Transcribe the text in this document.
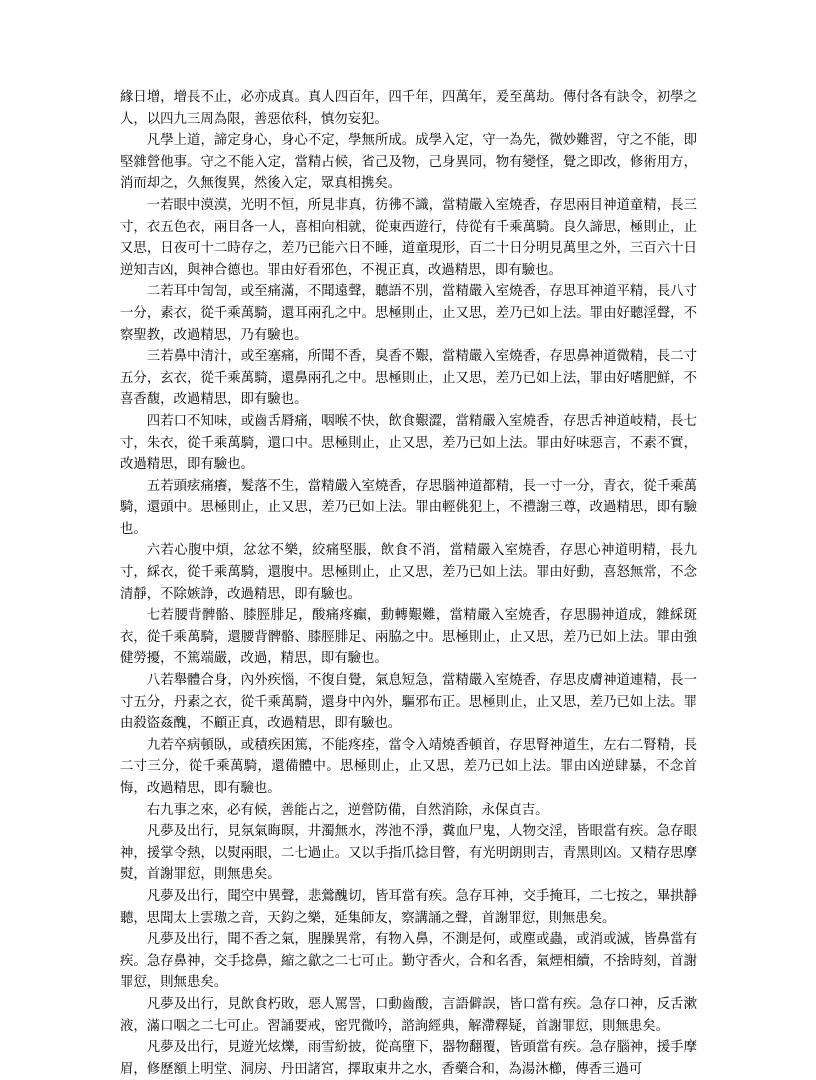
緣日增，增長不止，必亦成真。真人四百年，四千年，四萬年，爰至萬劫。傳付各有訣令，初學之人，以四九三周為限，善惡依科，慎勿妄犯。

凡學上道，諦定身心，身心不定，學無所成。成學入定，守一為先，微妙難習，守之不能，即堅雜營他事。守之不能入定，當精占候，省己及物，己身異同，物有變怪，覺之即改，修術用方，消而却之，久無復異，然後入定，眾真相携矣。

一若眼中漠漠，光明不恒，所見非真，彷彿不識，當精嚴入室燒香，存思兩目神道童精，長三寸，衣五色衣，兩目各一人，喜相向相就，從東西遊行，侍從有千乘萬騎。良久諦思，極則止，止又思，日夜可十二時存之，差乃已能六日不睡，道童現形，百二十日分明見萬里之外，三百六十日逆知吉凶，與神合德也。罪由好看邪色，不視正真，改過精思，即有驗也。

二若耳中訇訇，或至痛滿，不聞遠聲，聽語不別，當精嚴入室燒香，存思耳神道平精，長八寸一分，素衣，從千乘萬騎，還耳兩孔之中。思極則止，止又思，差乃已如上法。罪由好聽淫聲，不察聖教，改過精思，乃有驗也。

三若鼻中清汁，或至塞痛，所聞不香，臭香不艱，當精嚴入室燒香，存思鼻神道微精，長二寸五分，玄衣，從千乘萬騎，還鼻兩孔之中。思極則止，止又思，差乃已如上法，罪由好嗜肥鮮，不喜香馥，改過精思，即有驗也。

四若口不知味，或齒舌脣痛，咽喉不快，飲食艱澀，當精嚴入室燒香，存思舌神道岐精，長七寸，朱衣，從千乘萬騎，還口中。思極則止，止又思，差乃已如上法。罪由好味惡言，不素不實，改過精思，即有驗也。

五若頭痃痛癢，髮落不生，當精嚴入室燒香，存思腦神道都精，長一寸一分，青衣，從千乘萬騎，還頭中。思極則止，止又思，差乃已如上法。罪由輕佻犯上，不禮謝三尊，改過精思，即有驗也。

六若心腹中煩，忿忿不樂，絞痛堅脹，飲食不消，當精嚴入室燒香，存思心神道明精，長九寸，綵衣，從千乘萬騎，還腹中。思極則止，止又思，差乃已如上法。罪由好動，喜怒無常，不念清靜，不除嫉諍，改過精思，即有驗也。

七若腰背髀骼、膝脛腓足，酸痛疼癲，動轉艱難，當精嚴入室燒香，存思腸神道成，雜綵斑衣，從千乘萬騎，還腰背髀骼、膝脛腓足、兩脇之中。思極則止，止又思，差乃已如上法。罪由強健勞擾，不篤端嚴，改過，精思，即有驗也。

八若舉體合身，內外疾惱，不復自覺，氣息短急，當精嚴入室燒香，存思皮膚神道連精，長一寸五分，丹素之衣，從千乘萬騎，還身中內外，驅邪布正。思極則止，止又思，差乃已如上法。罪由殺盜姦醜，不顧正真，改過精思，即有驗也。

九若卒病頓臥，或積疾困篤，不能疼痊，當令入靖燒香頓首，存思腎神道生，左右二腎精，長二寸三分，從千乘萬騎，還備體中。思極則止，止又思，差乃已如上法。罪由凶逆肆暴，不念首悔，改過精思，即有驗也。

右九事之來，必有候，善能占之，逆營防備，自然消除，永保貞吉。

凡夢及出行，見氛氣晦暝，井濁無水，涔池不淨，糞血尸鬼，人物交淫，皆眼當有疾。急存眼神，援掌令熱，以熨兩眼，二七過止。又以手指爪捻目瞥，有光明朗則吉，青黑則凶。又精存思摩熨，首謝罪愆，則無患矣。

凡夢及出行，聞空中異聲，悲鶯醜切，皆耳當有疾。急存耳神，交手掩耳，二七按之，畢拱靜聽，思聞太上雲璈之音，天鈞之樂，延集師友，察講誦之聲，首謝罪愆，則無患矣。

凡夢及出行，聞不香之氣，腥臊異常，有物入鼻，不測是何，或塵或蟲，或消或滅，皆鼻當有疾。急存鼻神，交手捻鼻，縮之歙之二七可止。勤守香火，合和名香，氣煙相續，不捨時刻，首謝罪愆，則無患矣。

凡夢及出行，見飲食朽敗，惡人罵詈，口動齒酸，言語僻誤，皆口當有疾。急存口神，反舌漱液，滿口咽之二七可止。習誦要戒，密咒微吟，諮詢經典，解滯釋疑，首謝罪愆，則無患矣。

凡夢及出行，見遊光炫爍，雨雪紛披，從高墮下，器物翻覆，皆頭當有疾。急存腦神，援手摩眉，修歷額上明堂、洞房、丹田諸宮，擇取東井之水，香藥合和，為湯沐櫛，傳香三過可
